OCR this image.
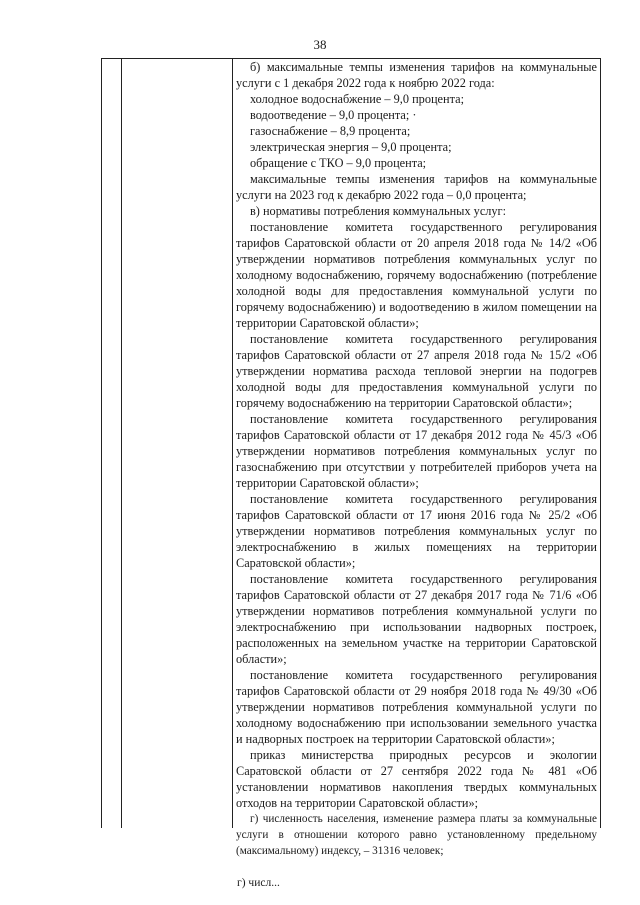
38

б) максимальные темпы изменения тарифов на коммунальные услуги с 1 декабря 2022 года к ноябрю 2022 года:

холодное водоснабжение – 9,0 процента;

водоотведение – 9,0 процента; ·

газоснабжение – 8,9 процента;

электрическая энергия – 9,0 процента;

обращение с ТКО – 9,0 процента;

максимальные темпы изменения тарифов на коммунальные услуги на 2023 год к декабрю 2022 года – 0,0 процента;

в) нормативы потребления коммунальных услуг:

постановление комитета государственного регулирования тарифов Саратовской области от 20 апреля 2018 года № 14/2 «Об утверждении нормативов потребления коммунальных услуг по холодному водоснабжению, горячему водоснабжению (потребление холодной воды для предоставления коммунальной услуги по горячему водоснабжению) и водоотведению в жилом помещении на территории Саратовской области»;

постановление комитета государственного регулирования тарифов Саратовской области от 27 апреля 2018 года № 15/2 «Об утверждении норматива расхода тепловой энергии на подогрев холодной воды для предоставления коммунальной услуги по горячему водоснабжению на территории Саратовской области»;

постановление комитета государственного регулирования тарифов Саратовской области от 17 декабря 2012 года № 45/3 «Об утверждении нормативов потребления коммунальных услуг по газоснабжению при отсутствии у потребителей приборов учета на территории Саратовской области»;

постановление комитета государственного регулирования тарифов Саратовской области от 17 июня 2016 года № 25/2 «Об утверждении нормативов потребления коммунальных услуг по электроснабжению в жилых помещениях на территории Саратовской области»;

постановление комитета государственного регулирования тарифов Саратовской области от 27 декабря 2017 года № 71/6 «Об утверждении нормативов потребления коммунальной услуги по электроснабжению при использовании надворных построек, расположенных на земельном участке на территории Саратовской области»;

постановление комитета государственного регулирования тарифов Саратовской области от 29 ноября 2018 года № 49/30 «Об утверждении нормативов потребления коммунальной услуги по холодному водоснабжению при использовании земельного участка и надворных построек на территории Саратовской области»;

приказ министерства природных ресурсов и экологии Саратовской области от 27 сентября 2022 года № 481 «Об установлении нормативов накопления твердых коммунальных отходов на территории Саратовской области»;

г) численность населения, изменение размера платы за коммунальные услуги в отношении которого равно установленному предельному (максимальному) индексу, – 31316 человек;

г) числ...
